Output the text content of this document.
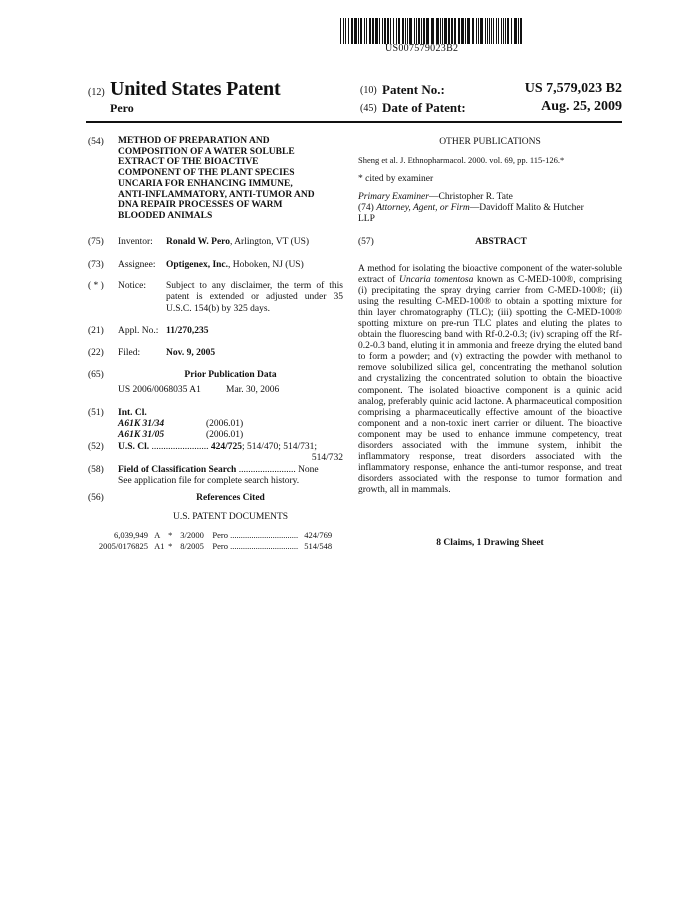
US007579023B2
(12) United States Patent
Pero
(10) Patent No.:	US 7,579,023 B2
(45) Date of Patent:	Aug. 25, 2009
(54) METHOD OF PREPARATION AND
COMPOSITION OF A WATER SOLUBLE
EXTRACT OF THE BIOACTIVE
COMPONENT OF THE PLANT SPECIES
UNCARIA FOR ENHANCING IMMUNE,
ANTI-INFLAMMATORY, ANTI-TUMOR AND
DNA REPAIR PROCESSES OF WARM
BLOODED ANIMALS
(75) Inventor: Ronald W. Pero, Arlington, VT (US)
(73) Assignee: Optigenex, Inc., Hoboken, NJ (US)
( * ) Notice: Subject to any disclaimer, the term of this
patent is extended or adjusted under 35
U.S.C. 154(b) by 325 days.
(21) Appl. No.: 11/270,235
(22) Filed:	Nov. 9, 2005
(65)	Prior Publication Data
US 2006/0068035 A1	Mar. 30, 2006
(51) Int. Cl.
A61K 31/34	(2006.01)
A61K 31/05	(2006.01)
(52) U.S. Cl. ........................ 424/725; 514/470; 514/731;
514/732
(58) Field of Classification Search ........................ None
See application file for complete search history.
(56)	References Cited
U.S. PATENT DOCUMENTS
6,039,949 A * 3/2000 Pero ................................ 424/769
2005/0176825 A1 * 8/2005 Pero ................................ 514/548
OTHER PUBLICATIONS
Sheng et al. J. Ethnopharmacol. 2000. vol. 69, pp. 115-126.*
* cited by examiner
Primary Examiner—Christopher R. Tate
(74) Attorney, Agent, or Firm—Davidoff Malito & Hutcher
LLP
(57)	ABSTRACT
A method for isolating the bioactive component of the water-soluble extract of Uncaria tomentosa known as C-MED-100®, comprising (i) precipitating the spray drying carrier from C-MED-100®; (ii) using the resulting C-MED-100® to obtain a spotting mixture for thin layer chromatography (TLC); (iii) spotting the C-MED-100® spotting mixture on pre-run TLC plates and eluting the plates to obtain the fluorescing band with Rf-0.2-0.3; (iv) scraping off the Rf-0.2-0.3 band, eluting it in ammonia and freeze drying the eluted band to form a powder; and (v) extracting the powder with methanol to remove solubilized silica gel, concentrating the methanol solution and crystalizing the concentrated solution to obtain the bioactive component. The isolated bioactive component is a quinic acid analog, preferably quinic acid lactone. A pharmaceutical composition comprising a pharmaceutically effective amount of the bioactive component and a non-toxic inert carrier or diluent. The bioactive component may be used to enhance immune competency, treat disorders associated with the immune system, inhibit the inflammatory response, treat disorders associated with the inflammatory response, enhance the anti-tumor response, and treat disorders associated with the response to tumor formation and growth, all in mammals.
8 Claims, 1 Drawing Sheet
